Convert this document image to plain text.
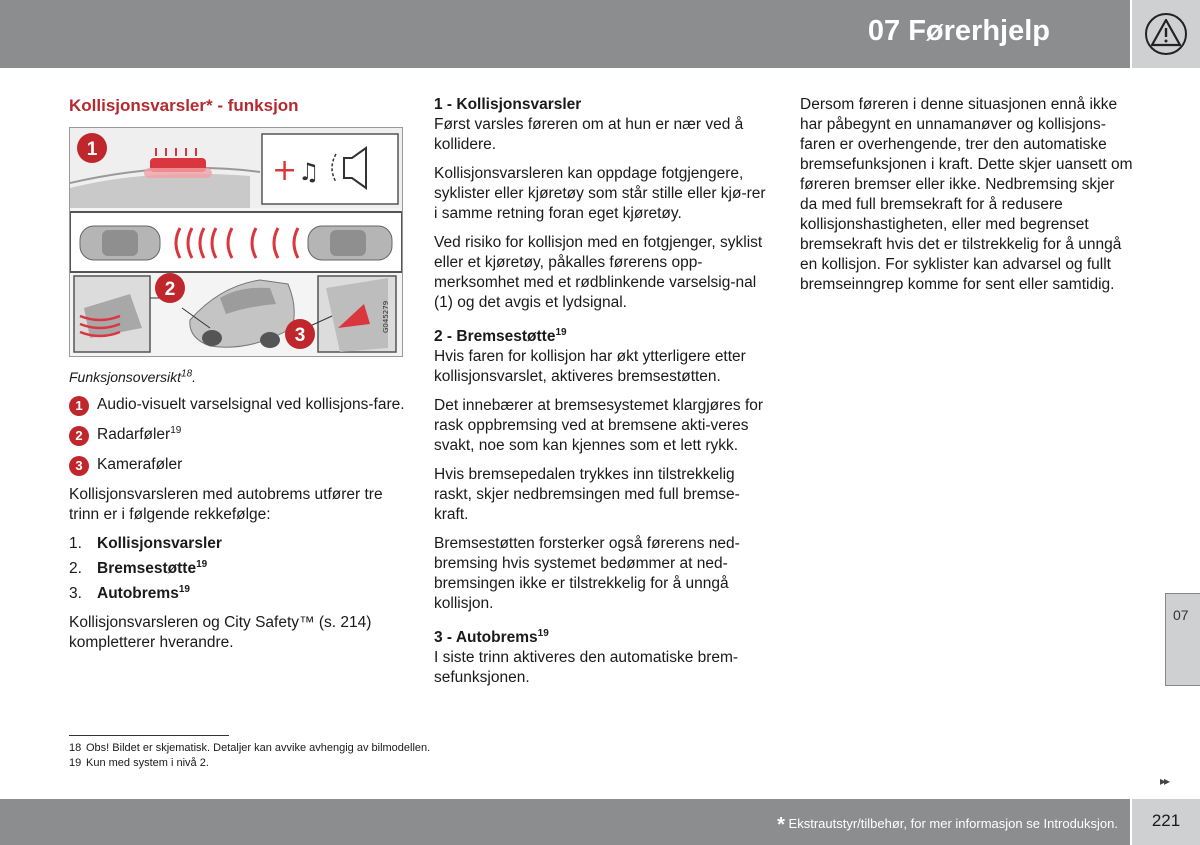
07 Førerhjelp
Kollisjonsvarsler* - funksjon
+ ♫
G045279
1
2
3
Funksjonsoversikt$^{18}$.
1 Audio-visuelt varselsignal ved kollisjons-fare.
2 Radarføler$^{19}$
3 Kameraføler

Kollisjonsvarsleren med autobrems utfører tre trinn er i følgende rekkefølge:

1. Kollisjonsvarsler
2. Bremsestøtte$^{19}$
3. Autobrems$^{19}$

Kollisjonsvarsleren og City Safety™ (s. 214) kompletterer hverandre.

1 - Kollisjonsvarsler

Først varsles føreren om at hun er nær ved å kollidere.

Kollisjonsvarsleren kan oppdage fotgjengere, syklister eller kjøretøy som står stille eller kjø-rer i samme retning foran eget kjøretøy.

Ved risiko for kollisjon med en fotgjenger, syklist eller et kjøretøy, påkalles førerens opp-merksomhet med et rødblinkende varselsig-nal (1) og det avgis et lydsignal.

2 - Bremsestøtte$^{19}$

Hvis faren for kollisjon har økt ytterligere etter kollisjonsvarslet, aktiveres bremsestøtten.

Det innebærer at bremsesystemet klargjøres for rask oppbremsing ved at bremsene akti-veres svakt, noe som kan kjennes som et lett rykk.

Hvis bremsepedalen trykkes inn tilstrekkelig raskt, skjer nedbremsingen med full bremse-kraft.

Bremsestøtten forsterker også førerens ned-bremsing hvis systemet bedømmer at ned-bremsingen ikke er tilstrekkelig for å unngå kollisjon.

3 - Autobrems$^{19}$

I siste trinn aktiveres den automatiske brem-sefunksjonen.

Dersom føreren i denne situasjonen ennå ikke har påbegynt en unnamanøver og kollisjons-faren er overhengende, trer den automatiske bremsefunksjonen i kraft. Dette skjer uansett om føreren bremser eller ikke. Nedbremsing skjer da med full bremsekraft for å redusere kollisjonshastigheten, eller med begrenset bremsekraft hvis det er tilstrekkelig for å unngå en kollisjon. For syklister kan advarsel og fullt bremseinngrep komme for sent eller samtidig.

18 Obs! Bildet er skjematisk. Detaljer kan avvike avhengig av bilmodellen.
19 Kun med system i nivå 2.
07
▸▸
* Ekstrautstyr/tilbehør, for mer informasjon se Introduksjon.	221
